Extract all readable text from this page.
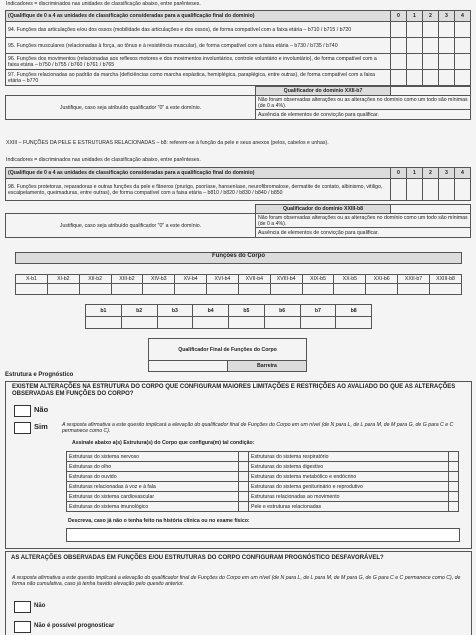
Indicadores = discriminados nas unidades de classificação abaixo, entre parênteses.
(Qualifique de 0 a 4 as unidades de classificação consideradas para a qualificação final do domínio)	0	1	2	3	4
94. Funções das articulações e/ou dos ossos (mobilidade das articulações e dos ossos), de forma compatível com a faixa etária – b710 / b715 / b720					
95. Funções musculares (relacionadas à força, ao tônus e à resistência muscular), de forma compatível com a faixa etária – b730 / b735 / b740					
96. Funções dos movimentos (relacionadas aos reflexos motores e dos movimentos involuntários, controle voluntário e involuntário), de forma compatível com a faixa etária – b750 / b755 / b760 / b761 / b765					
97. Funções relacionadas ao padrão da marcha (deficiências como marcha espástica, hemiplégica, paraplégica, entre outras), de forma compatível com a faixa etária – b770					
	Qualificador do domínio XXII-b7	
Justifique, caso seja atribuído qualificador "0" a este domínio.	Não foram observadas alterações ou as alterações no domínio como um todo são mínimas (de 0 a 4%).	
	Ausência de elementos de convicção para qualificar.	
XXIII – FUNÇÕES DA PELE E ESTRUTURAS RELACIONADAS – b8: referem-se à função da pele e seus anexos (pelos, cabelos e unhas).
Indicadores = discriminados nas unidades de classificação abaixo, entre parênteses.
(Qualifique de 0 a 4 as unidades de classificação consideradas para a qualificação final do domínio)	0	1	2	3	4
98. Funções protetoras, reparadoras e outras funções da pele e fâneros (prurigo, psoríase, hanseníase, neurofibromatose, dermatite de contato, albinismo, vitiligo, escalpelamento, queimaduras, entre outras), de forma compatível com a faixa etária – b810 / b820 / b830 / b840 / b850					
	Qualificador do domínio XXIII-b8	
Justifique, caso seja atribuído qualificador "0" a este domínio.	Não foram observadas alterações ou as alterações no domínio como um todo são mínimas (de 0 a 4%).	
	Ausência de elementos de convicção para qualificar.	
Funções do Corpo
X-b1	XI-b2	XII-b2	XIII-b2	XIV-b3	XV-b4	XVI-b4	XVII-b4	XVIII-b4	XIX-b5	XX-b5	XXI-b6	XXII-b7	XXIII-b8

b1	b2	b3	b4	b5	b6	b7	b8

Qualificador Final de Funções do Corpo
	Barreira
Estrutura e Prognóstico
EXISTEM ALTERAÇÕES NA ESTRUTURA DO CORPO QUE CONFIGURAM MAIORES LIMITAÇÕES E RESTRIÇÕES AO AVALIADO DO QUE AS ALTERAÇÕES OBSERVADAS EM FUNÇÕES DO CORPO?
Não
Sim	A resposta afirmativa a este quesito implicará a elevação do qualificador final de Funções do Corpo em um nível (de N para L, de L para M, de M para G, de G para C e C permanece como C).
Assinale abaixo a(s) Estrutura(s) do Corpo que configura(m) tal condição:
Estruturas do sistema nervoso		Estruturas do sistema respiratório	
Estruturas do olho		Estruturas do sistema digestivo	
Estruturas do ouvido		Estruturas do sistema metabólico e endócrino	
Estruturas relacionadas à voz e à fala		Estruturas do sistema geniturinário e reprodutivo	
Estruturas do sistema cardiovascular		Estruturas relacionadas ao movimento	
Estruturas do sistema imunológico		Pele e estruturas relacionadas	
Descreva, caso já não o tenha feito na história clínica ou no exame físico:
AS ALTERAÇÕES OBSERVADAS EM FUNÇÕES E/OU ESTRUTURAS DO CORPO CONFIGURAM PROGNÓSTICO DESFAVORÁVEL?
A resposta afirmativa a este quesito implicará a elevação do qualificador final de Funções do Corpo em um nível (de N para L, de L para M, de M para G, de G para C e C permanece como C), de forma não cumulativa, caso já tenha havido elevação pelo quesito anterior.
Não
Não é possível prognosticar
